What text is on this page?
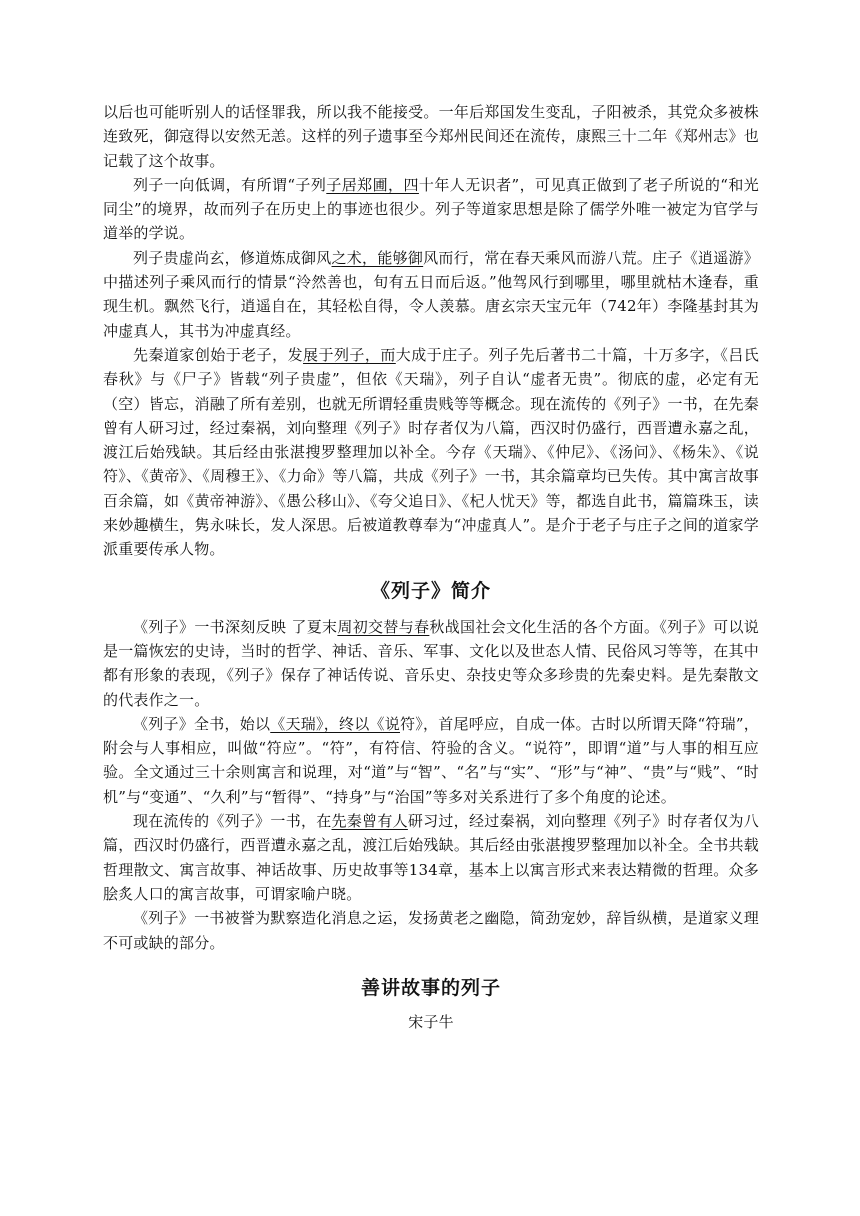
以后也可能听别人的话怪罪我，所以我不能接受。一年后郑国发生变乱，子阳被杀，其党众多被株连致死，御寇得以安然无恙。这样的列子遗事至今郑州民间还在流传，康熙三十二年《郑州志》也记载了这个故事。

列子一向低调，有所谓“子列子居郑圃，四十年人无识者”，可见真正做到了老子所说的“和光同尘”的境界，故而列子在历史上的事迹也很少。列子等道家思想是除了儒学外唯一被定为官学与道举的学说。

列子贵虚尚玄，修道炼成御风之术，能够御风而行，常在春天乘风而游八荒。庄子《逍遥游》中描述列子乘风而行的情景“泠然善也，旬有五日而后返。”他驾风行到哪里，哪里就枯木逢春，重现生机。飘然飞行，逍遥自在，其轻松自得，令人羡慕。唐玄宗天宝元年（742年）李隆基封其为冲虚真人，其书为冲虚真经。

先秦道家创始于老子，发展于列子，而大成于庄子。列子先后著书二十篇，十万多字，《吕氏春秋》与《尸子》皆载“列子贵虚”，但依《天瑞》，列子自认“虚者无贵”。彻底的虚，必定有无（空）皆忘，消融了所有差别，也就无所谓轻重贵贱等等概念。现在流传的《列子》一书，在先秦曾有人研习过，经过秦祸，刘向整理《列子》时存者仅为八篇，西汉时仍盛行，西晋遭永嘉之乱，渡江后始残缺。其后经由张湛搜罗整理加以补全。今存《天瑞》、《仲尼》、《汤问》、《杨朱》、《说符》、《黄帝》、《周穆王》、《力命》等八篇，共成《列子》一书，其余篇章均已失传。其中寓言故事百余篇，如《黄帝神游》、《愚公移山》、《夸父追日》、《杞人忧天》等，都选自此书，篇篇珠玉，读来妙趣横生，隽永味长，发人深思。后被道教尊奉为“冲虚真人”。是介于老子与庄子之间的道家学派重要传承人物。

《列子》简介

《列子》一书深刻反映 了夏末周初交替与春秋战国社会文化生活的各个方面。《列子》可以说是一篇恢宏的史诗，当时的哲学、神话、音乐、军事、文化以及世态人情、民俗风习等等，在其中都有形象的表现，《列子》保存了神话传说、音乐史、杂技史等众多珍贵的先秦史料。是先秦散文的代表作之一。

《列子》全书，始以《天瑞》，终以《说符》，首尾呼应，自成一体。古时以所谓天降“符瑞”，附会与人事相应，叫做“符应”。“符”，有符信、符验的含义。“说符”，即谓“道”与人事的相互应验。全文通过三十余则寓言和说理，对“道”与“智”、“名”与“实”、“形”与“神”、“贵”与“贱”、“时机”与“变通”、“久利”与“暂得”、“持身”与“治国”等多对关系进行了多个角度的论述。

现在流传的《列子》一书，在先秦曾有人研习过，经过秦祸，刘向整理《列子》时存者仅为八篇，西汉时仍盛行，西晋遭永嘉之乱，渡江后始残缺。其后经由张湛搜罗整理加以补全。全书共载哲理散文、寓言故事、神话故事、历史故事等134章，基本上以寓言形式来表达精微的哲理。众多脍炙人口的寓言故事，可谓家喻户晓。

《列子》一书被誉为默察造化消息之运，发扬黄老之幽隐，简劲宠妙，辞旨纵横，是道家义理不可或缺的部分。

善讲故事的列子

宋子牛
